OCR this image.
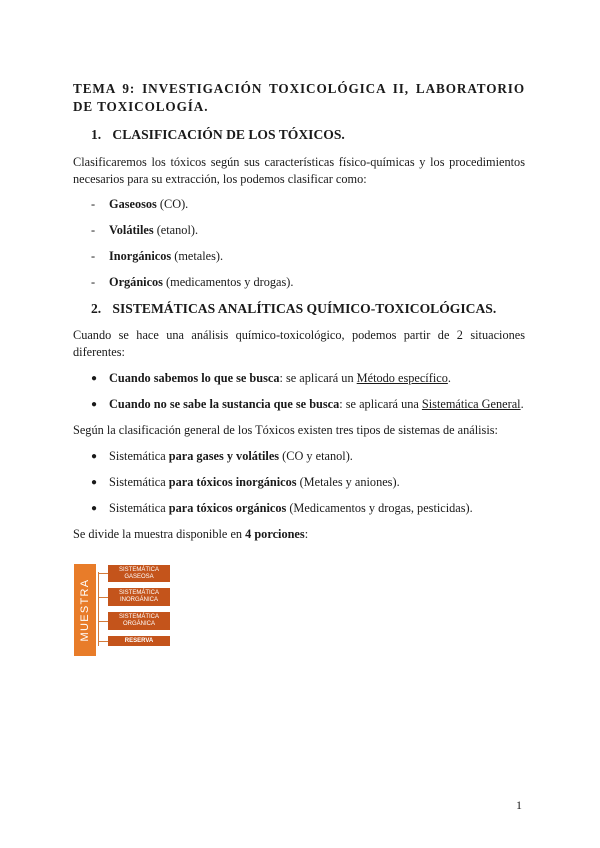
TEMA 9: INVESTIGACIÓN TOXICOLÓGICA II, LABORATORIO DE TOXICOLOGÍA.
1. CLASIFICACIÓN DE LOS TÓXICOS.
Clasificaremos los tóxicos según sus características físico-químicas y los procedimientos necesarios para su extracción, los podemos clasificar como:
- Gaseosos (CO).
- Volátiles (etanol).
- Inorgánicos (metales).
- Orgánicos (medicamentos y drogas).
2. SISTEMÁTICAS ANALÍTICAS QUÍMICO-TOXICOLÓGICAS.
Cuando se hace una análisis químico-toxicológico, podemos partir de 2 situaciones diferentes:
● Cuando sabemos lo que se busca: se aplicará un Método específico.
● Cuando no se sabe la sustancia que se busca: se aplicará una Sistemática General.
Según la clasificación general de los Tóxicos existen tres tipos de sistemas de análisis:
● Sistemática para gases y volátiles (CO y etanol).
● Sistemática para tóxicos inorgánicos (Metales y aniones).
● Sistemática para tóxicos orgánicos (Medicamentos y drogas, pesticidas).
Se divide la muestra disponible en 4 porciones:
MUESTRA
SISTEMÁTICA
GASEOSA
SISTEMÁTICA
INORGÁNICA
SISTEMÁTICA
ORGÁNICA
RESERVA
1
